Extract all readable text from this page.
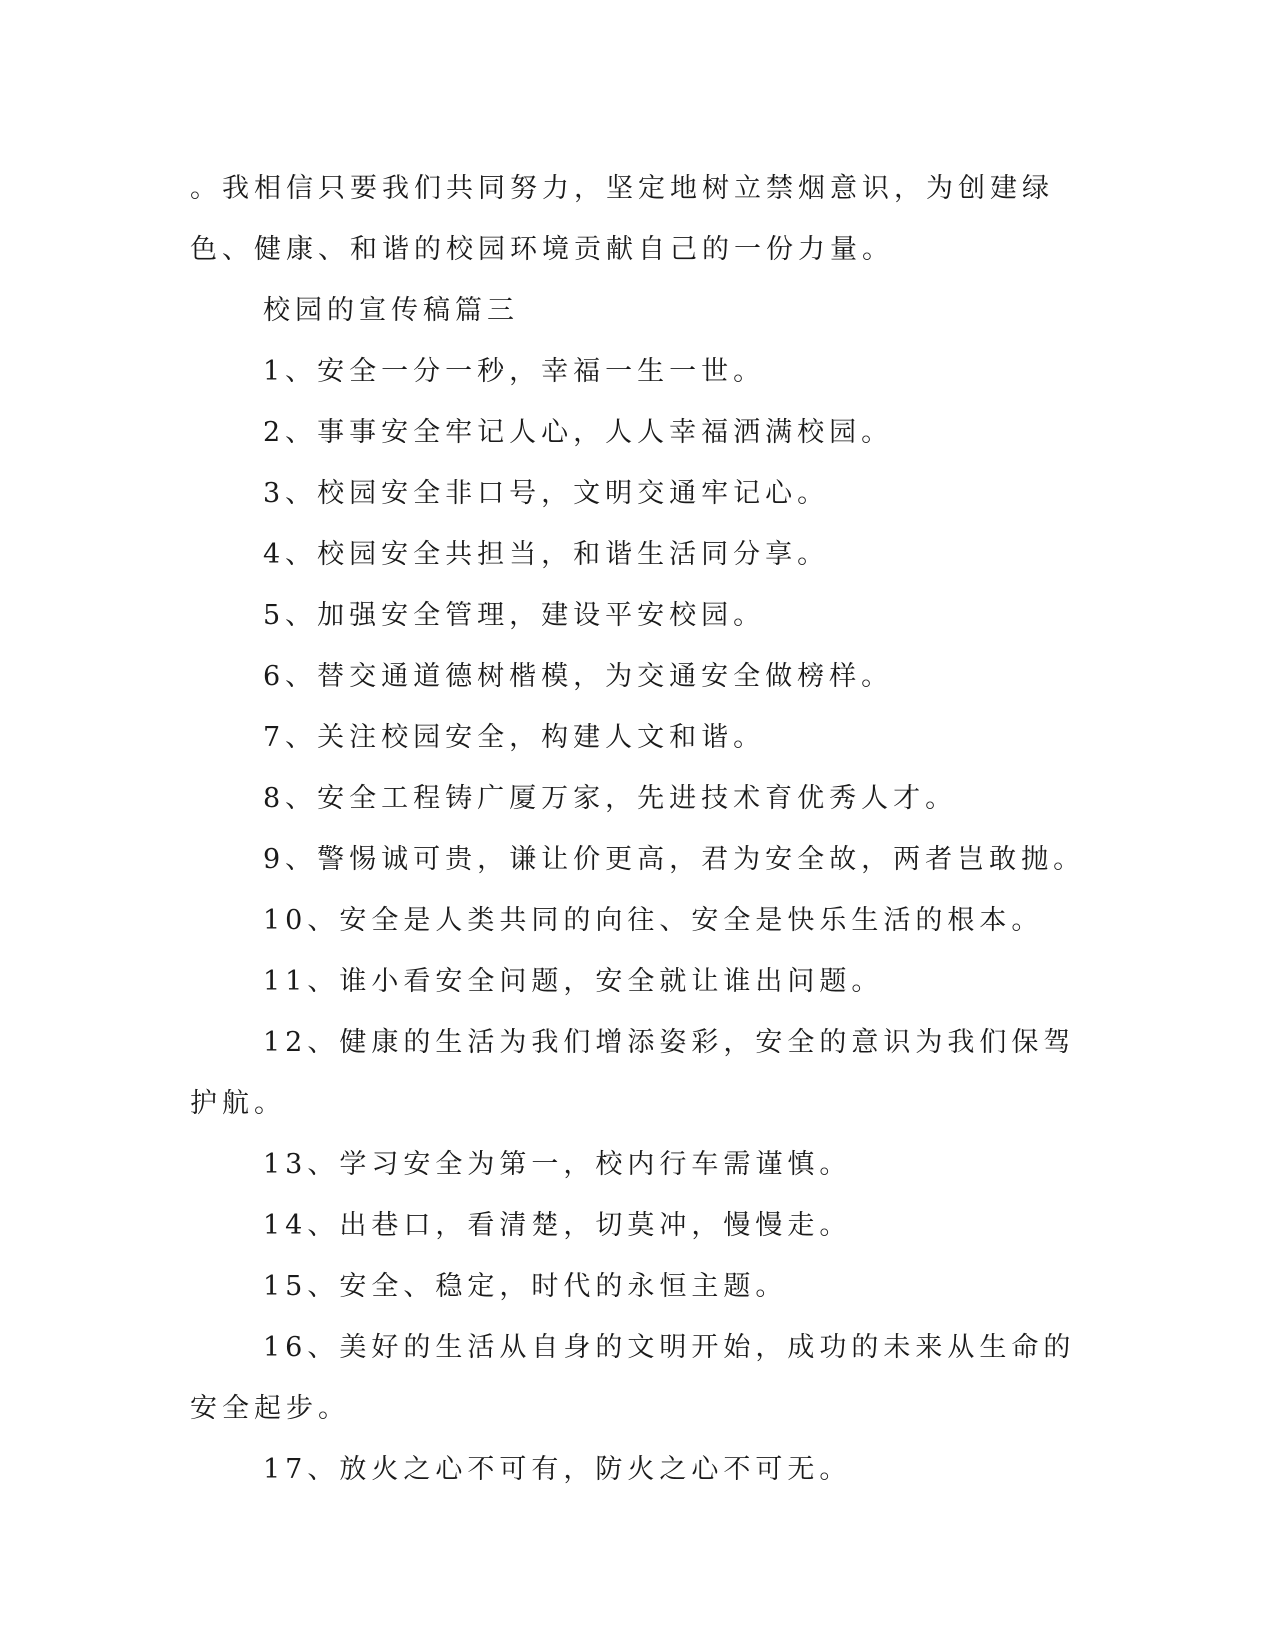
。我相信只要我们共同努力，坚定地树立禁烟意识，为创建绿色、健康、和谐的校园环境贡献自己的一份力量。

校园的宣传稿篇三

1、安全一分一秒，幸福一生一世。

2、事事安全牢记人心，人人幸福洒满校园。

3、校园安全非口号，文明交通牢记心。

4、校园安全共担当，和谐生活同分享。

5、加强安全管理，建设平安校园。

6、替交通道德树楷模，为交通安全做榜样。

7、关注校园安全，构建人文和谐。

8、安全工程铸广厦万家，先进技术育优秀人才。

9、警惕诚可贵，谦让价更高，君为安全故，两者岂敢抛。

10、安全是人类共同的向往、安全是快乐生活的根本。

11、谁小看安全问题，安全就让谁出问题。

12、健康的生活为我们增添姿彩，安全的意识为我们保驾护航。

13、学习安全为第一，校内行车需谨慎。

14、出巷口，看清楚，切莫冲，慢慢走。

15、安全、稳定，时代的永恒主题。

16、美好的生活从自身的文明开始，成功的未来从生命的安全起步。

17、放火之心不可有，防火之心不可无。
